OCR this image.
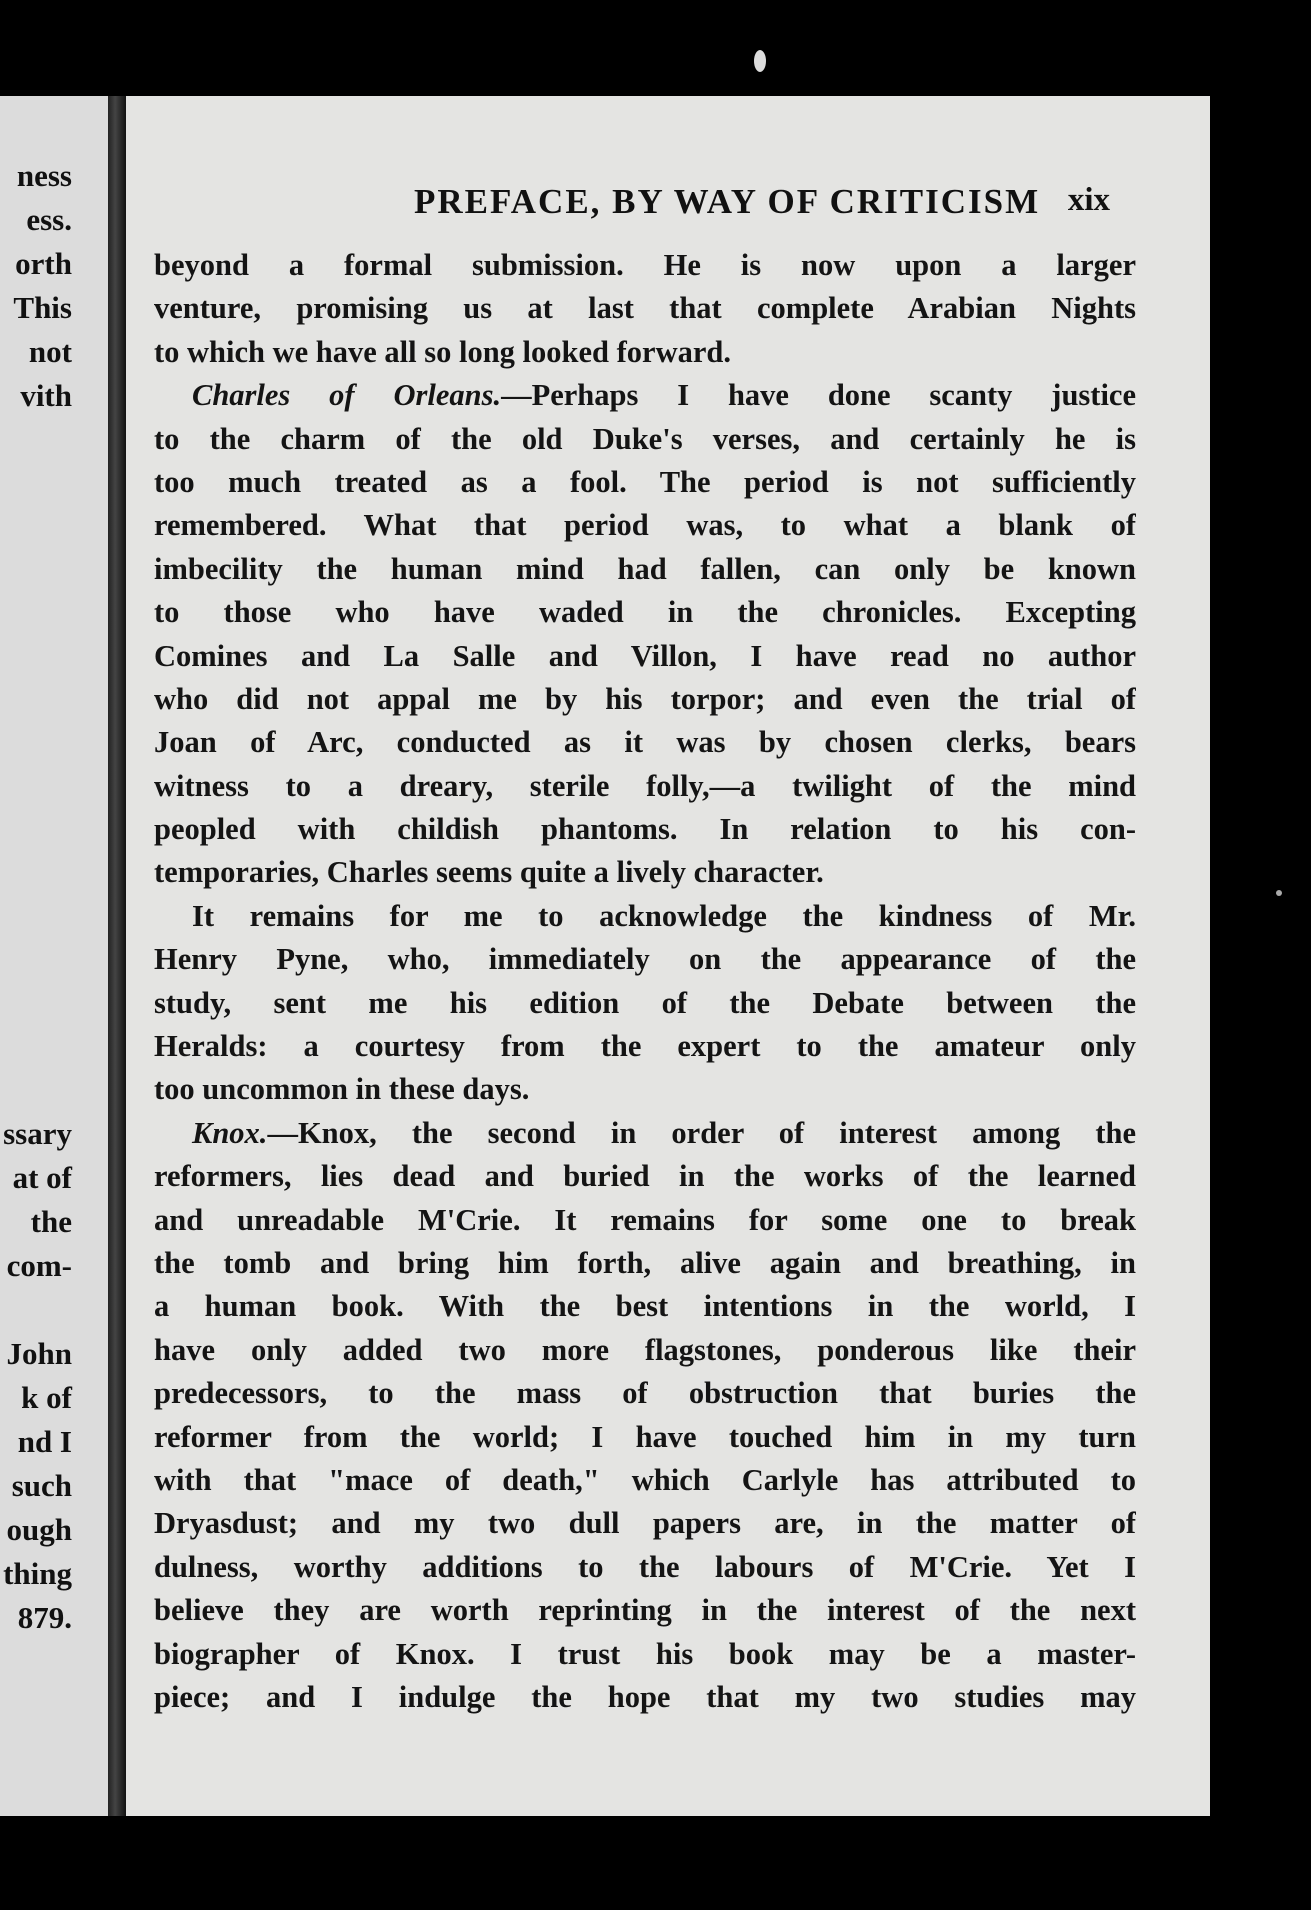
ness
ess.
orth
This
not
vith
ssary
at of
the
com-
John
k of
nd I
such
ough
thing
879.
PREFACE, BY WAY OF CRITICISM xix
beyond a formal submission. He is now upon a larger
venture, promising us at last that complete Arabian Nights
to which we have all so long looked forward.
Charles of Orleans.—Perhaps I have done scanty justice
to the charm of the old Duke's verses, and certainly he is
too much treated as a fool. The period is not sufficiently
remembered. What that period was, to what a blank of
imbecility the human mind had fallen, can only be known
to those who have waded in the chronicles. Excepting
Comines and La Salle and Villon, I have read no author
who did not appal me by his torpor; and even the trial of
Joan of Arc, conducted as it was by chosen clerks, bears
witness to a dreary, sterile folly,—a twilight of the mind
peopled with childish phantoms. In relation to his con-
temporaries, Charles seems quite a lively character.
It remains for me to acknowledge the kindness of Mr.
Henry Pyne, who, immediately on the appearance of the
study, sent me his edition of the Debate between the
Heralds: a courtesy from the expert to the amateur only
too uncommon in these days.
Knox.—Knox, the second in order of interest among the
reformers, lies dead and buried in the works of the learned
and unreadable M'Crie. It remains for some one to break
the tomb and bring him forth, alive again and breathing, in
a human book. With the best intentions in the world, I
have only added two more flagstones, ponderous like their
predecessors, to the mass of obstruction that buries the
reformer from the world; I have touched him in my turn
with that "mace of death," which Carlyle has attributed to
Dryasdust; and my two dull papers are, in the matter of
dulness, worthy additions to the labours of M'Crie. Yet I
believe they are worth reprinting in the interest of the next
biographer of Knox. I trust his book may be a master-
piece; and I indulge the hope that my two studies may
